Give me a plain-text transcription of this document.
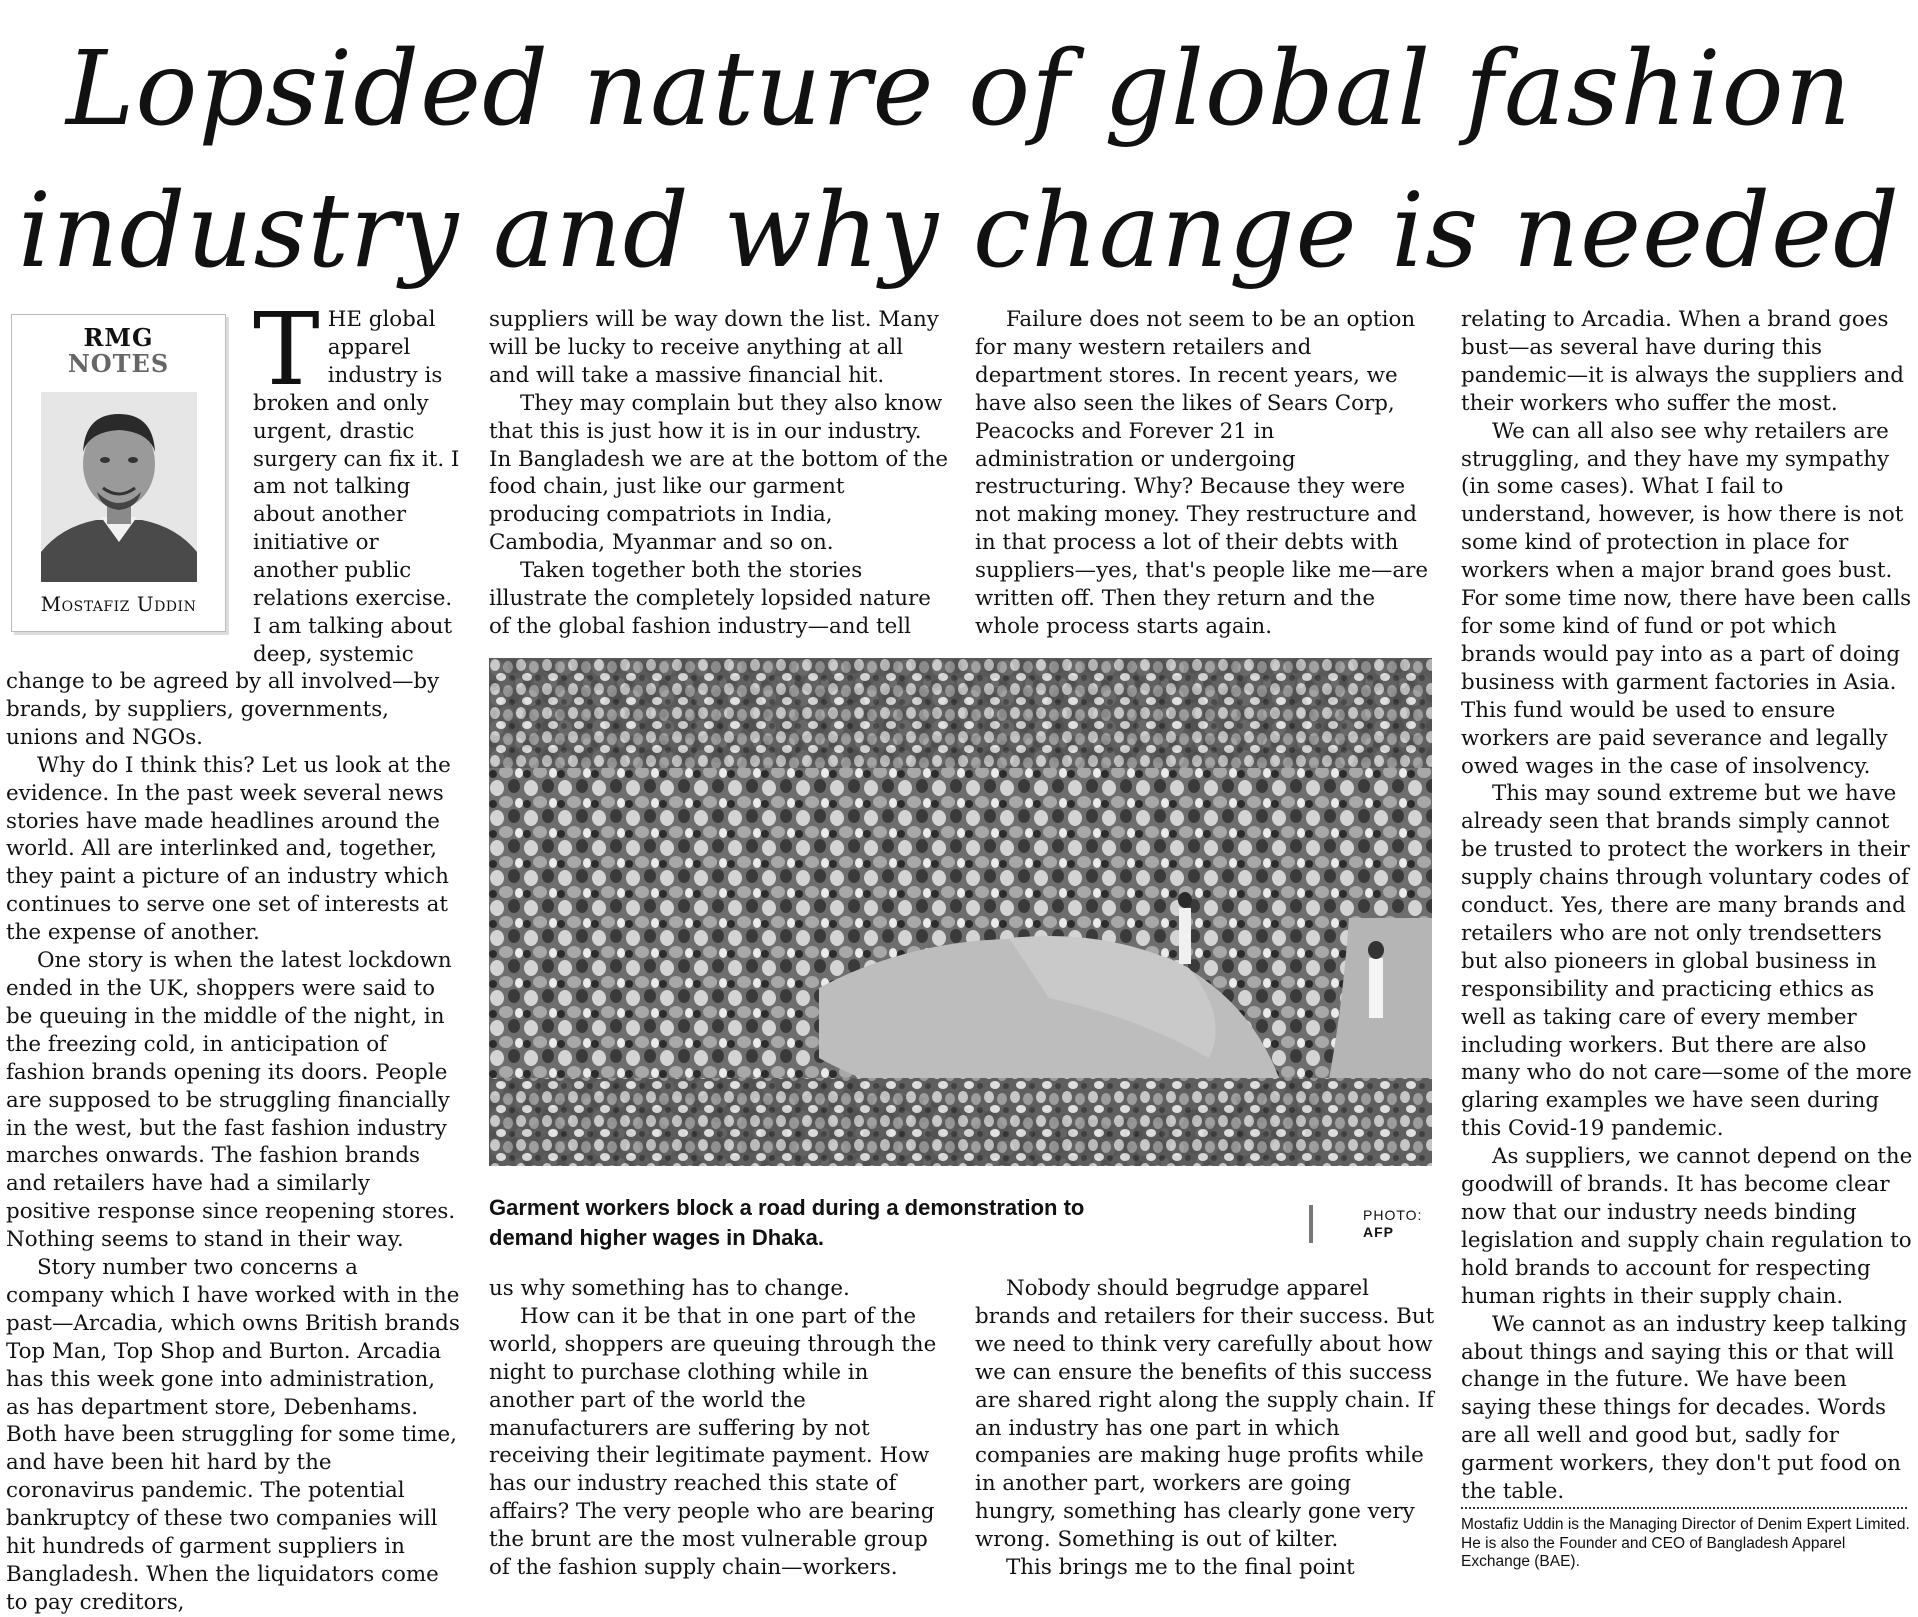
Lopsided nature of global fashion
industry and why change is needed
RMG
NOTES
Mostafiz Uddin

THE global apparel industry is broken and only urgent, drastic surgery can fix it. I am not talking about another initiative or another public relations exercise. I am talking about deep, systemic

change to be agreed by all involved—by brands, by suppliers, governments, unions and NGOs.

Why do I think this? Let us look at the evidence. In the past week several news stories have made headlines around the world. All are interlinked and, together, they paint a picture of an industry which continues to serve one set of interests at the expense of another.

One story is when the latest lockdown ended in the UK, shoppers were said to be queuing in the middle of the night, in the freezing cold, in anticipation of fashion brands opening its doors. People are supposed to be struggling financially in the west, but the fast fashion industry marches onwards. The fashion brands and retailers have had a similarly positive response since reopening stores. Nothing seems to stand in their way.

Story number two concerns a company which I have worked with in the past—Arcadia, which owns British brands Top Man, Top Shop and Burton. Arcadia has this week gone into administration, as has department store, Debenhams. Both have been struggling for some time, and have been hit hard by the coronavirus pandemic. The potential bankruptcy of these two companies will hit hundreds of garment suppliers in Bangladesh. When the liquidators come to pay creditors,

suppliers will be way down the list. Many will be lucky to receive anything at all and will take a massive financial hit.

They may complain but they also know that this is just how it is in our industry. In Bangladesh we are at the bottom of the food chain, just like our garment producing compatriots in India, Cambodia, Myanmar and so on.

Taken together both the stories illustrate the completely lopsided nature of the global fashion industry—and tell

Failure does not seem to be an option for many western retailers and department stores. In recent years, we have also seen the likes of Sears Corp, Peacocks and Forever 21 in administration or undergoing restructuring. Why? Because they were not making money. They restructure and in that process a lot of their debts with suppliers—yes, that's people like me—are written off. Then they return and the whole process starts again.

Garment workers block a road during a demonstration to demand higher wages in Dhaka.
PHOTO:
AFP

us why something has to change.

How can it be that in one part of the world, shoppers are queuing through the night to purchase clothing while in another part of the world the manufacturers are suffering by not receiving their legitimate payment. How has our industry reached this state of affairs? The very people who are bearing the brunt are the most vulnerable group of the fashion supply chain—workers.

Nobody should begrudge apparel brands and retailers for their success. But we need to think very carefully about how we can ensure the benefits of this success are shared right along the supply chain. If an industry has one part in which companies are making huge profits while in another part, workers are going hungry, something has clearly gone very wrong. Something is out of kilter.

This brings me to the final point

relating to Arcadia. When a brand goes bust—as several have during this pandemic—it is always the suppliers and their workers who suffer the most.

We can all also see why retailers are struggling, and they have my sympathy (in some cases). What I fail to understand, however, is how there is not some kind of protection in place for workers when a major brand goes bust. For some time now, there have been calls for some kind of fund or pot which brands would pay into as a part of doing business with garment factories in Asia. This fund would be used to ensure workers are paid severance and legally owed wages in the case of insolvency.

This may sound extreme but we have already seen that brands simply cannot be trusted to protect the workers in their supply chains through voluntary codes of conduct. Yes, there are many brands and retailers who are not only trendsetters but also pioneers in global business in responsibility and practicing ethics as well as taking care of every member including workers. But there are also many who do not care—some of the more glaring examples we have seen during this Covid-19 pandemic.

As suppliers, we cannot depend on the goodwill of brands. It has become clear now that our industry needs binding legislation and supply chain regulation to hold brands to account for respecting human rights in their supply chain.

We cannot as an industry keep talking about things and saying this or that will change in the future. We have been saying these things for decades. Words are all well and good but, sadly for garment workers, they don't put food on the table.

Mostafiz Uddin is the Managing Director of Denim Expert Limited. He is also the Founder and CEO of Bangladesh Apparel Exchange (BAE).
